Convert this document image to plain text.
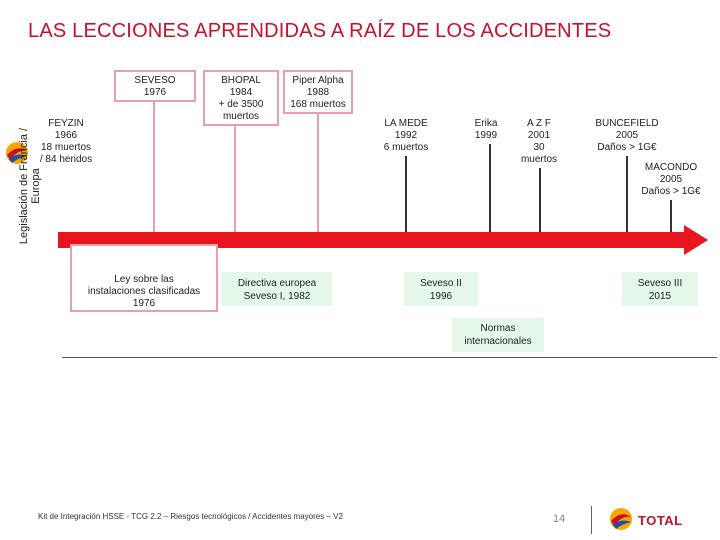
LAS LECCIONES APRENDIDAS A RAÍZ DE LOS ACCIDENTES
FEYZIN
1966
18 muertos
/ 84 heridos
SEVESO
1976
BHOPAL
1984
+ de 3500
muertos
Piper Alpha
1988
168 muertos
LA MEDE
1992
6 muertos
Erika
1999
A Z F
2001
30
muertos
BUNCEFIELD
2005
Daños > 1G€
MACONDO
2005
Daños > 1G€
Legislación de Francia / Europa
Ley sobre las
instalaciones clasificadas
1976
Directiva europea
Seveso I, 1982
Seveso II
1996
Seveso III
2015
Normas
internacionales
Kit de Integración HSSE - TCG 2.2 – Riesgos tecnológicos / Accidentes mayores – V2	14	TOTAL
